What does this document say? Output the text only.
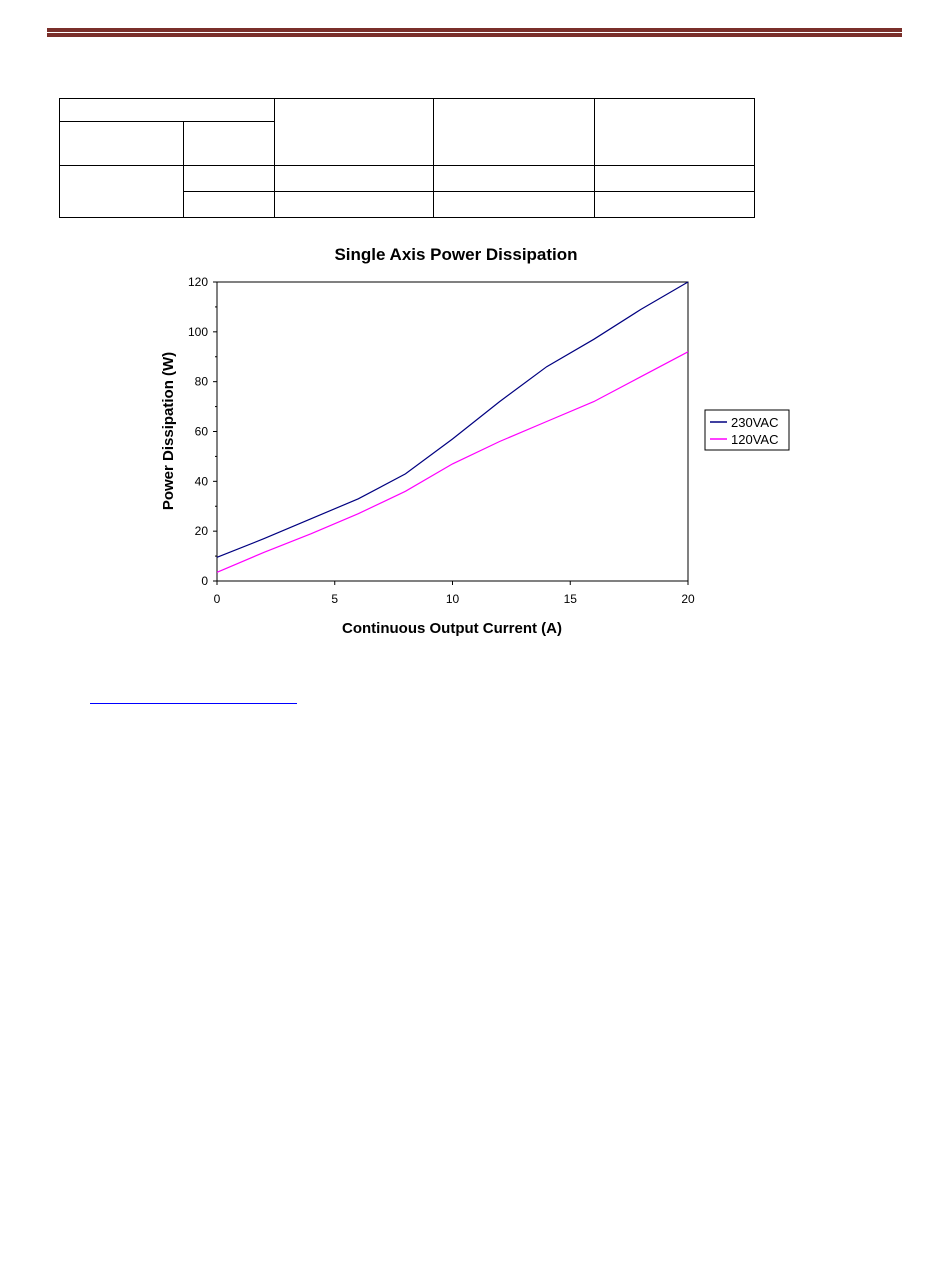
Single Axis Power Dissipation
0
20
40
60
80
100
120
0	5	10	15	20
Continuous Output Current (A)
Power Dissipation (W)	230VAC
120VAC
